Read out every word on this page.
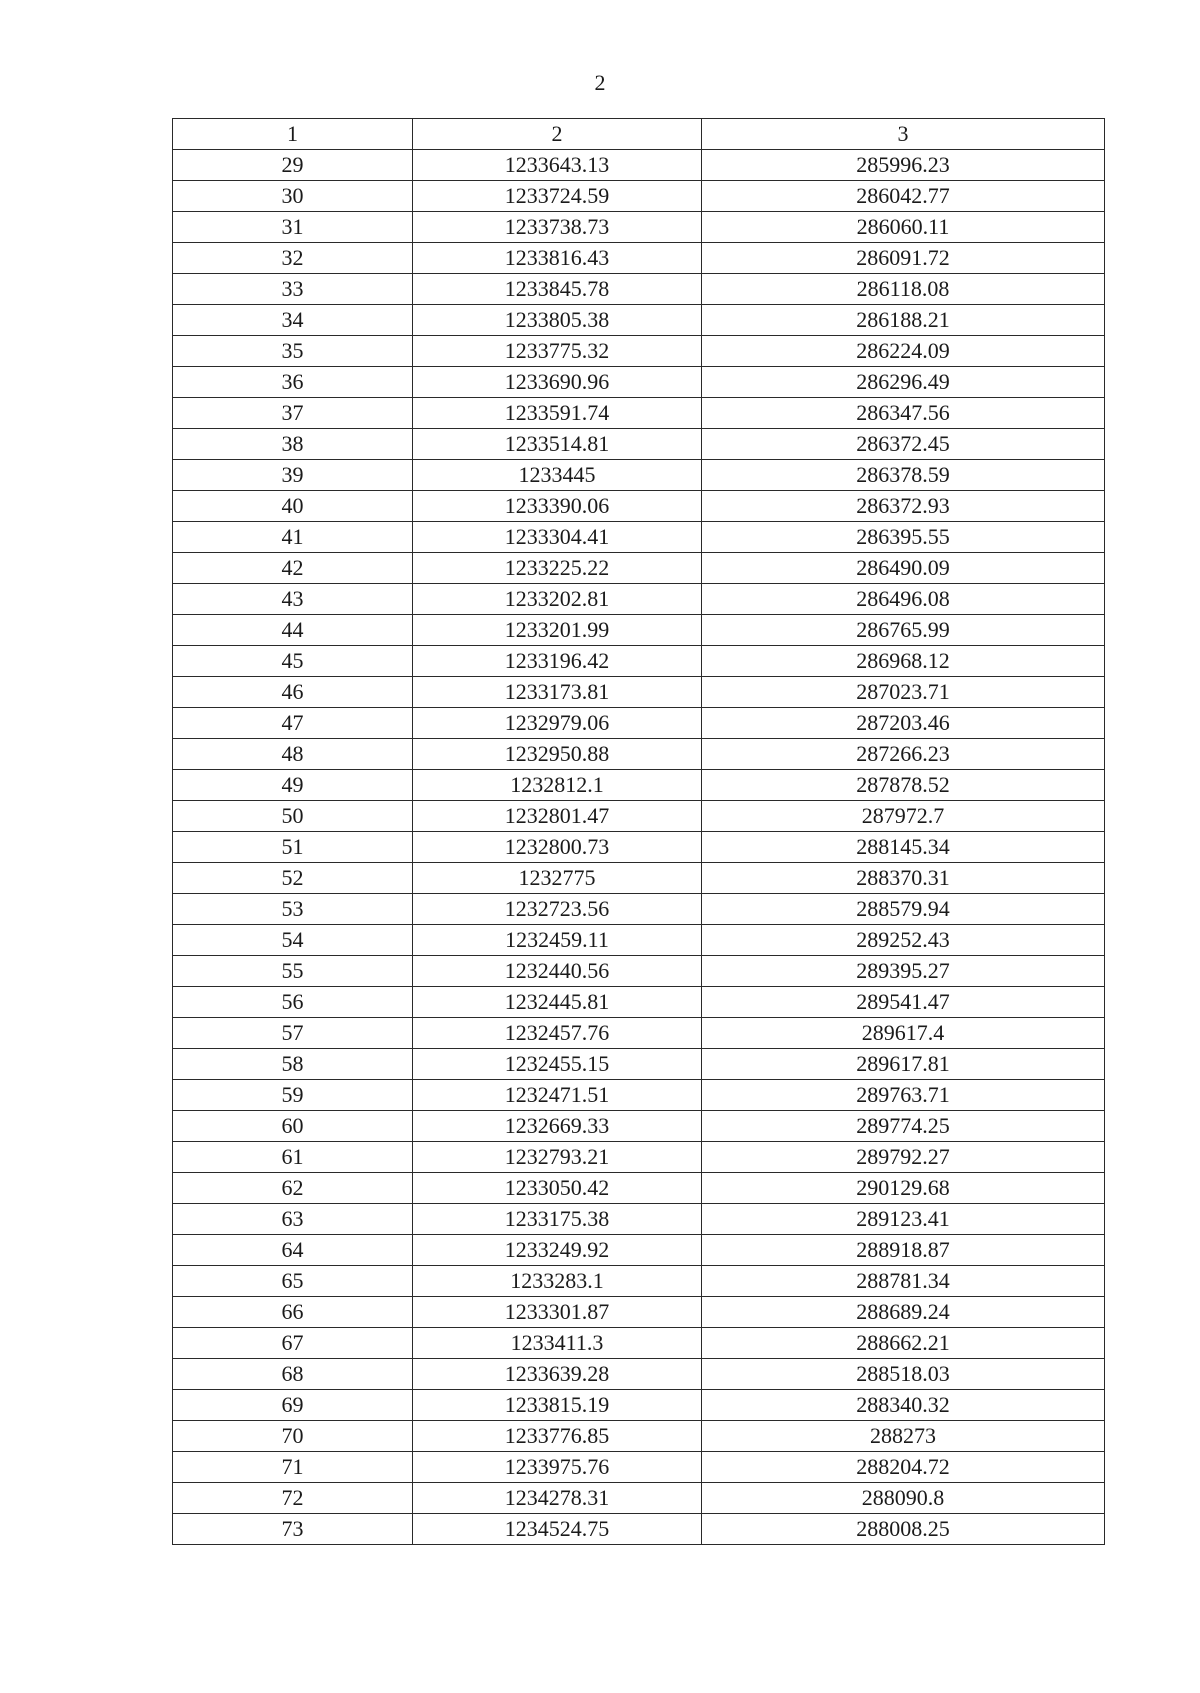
2
1	2	3
29	1233643.13	285996.23
30	1233724.59	286042.77
31	1233738.73	286060.11
32	1233816.43	286091.72
33	1233845.78	286118.08
34	1233805.38	286188.21
35	1233775.32	286224.09
36	1233690.96	286296.49
37	1233591.74	286347.56
38	1233514.81	286372.45
39	1233445	286378.59
40	1233390.06	286372.93
41	1233304.41	286395.55
42	1233225.22	286490.09
43	1233202.81	286496.08
44	1233201.99	286765.99
45	1233196.42	286968.12
46	1233173.81	287023.71
47	1232979.06	287203.46
48	1232950.88	287266.23
49	1232812.1	287878.52
50	1232801.47	287972.7
51	1232800.73	288145.34
52	1232775	288370.31
53	1232723.56	288579.94
54	1232459.11	289252.43
55	1232440.56	289395.27
56	1232445.81	289541.47
57	1232457.76	289617.4
58	1232455.15	289617.81
59	1232471.51	289763.71
60	1232669.33	289774.25
61	1232793.21	289792.27
62	1233050.42	290129.68
63	1233175.38	289123.41
64	1233249.92	288918.87
65	1233283.1	288781.34
66	1233301.87	288689.24
67	1233411.3	288662.21
68	1233639.28	288518.03
69	1233815.19	288340.32
70	1233776.85	288273
71	1233975.76	288204.72
72	1234278.31	288090.8
73	1234524.75	288008.25
